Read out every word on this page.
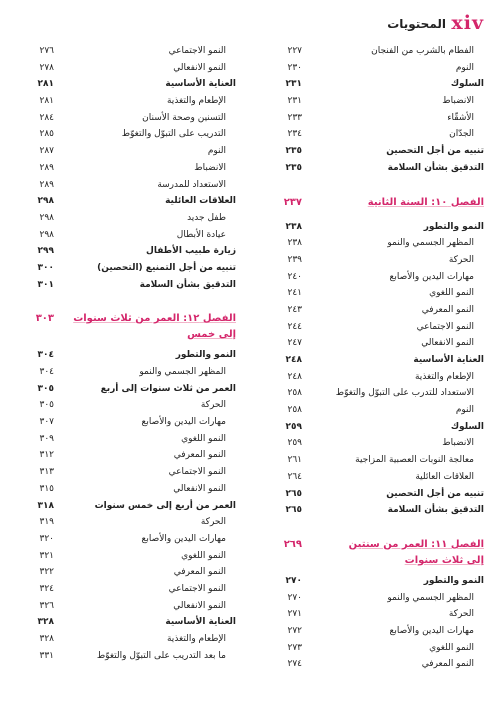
xiv
المحتويات
الفطام بالشرب من الفنجان
٢٢٧
النوم
٢٣٠
السلوك
٢٣١
الانضباط
٢٣١
الأشقّاء
٢٣٣
الجدّان
٢٣٤
تنبيه من أجل التحصين
٢٣٥
التدقيق بشأن السلامة
٢٣٥
الفصل ١٠: السنة الثانية
٢٣٧
النمو والتطور
٢٣٨
المظهر الجسمي والنمو
٢٣٨
الحركة
٢٣٩
مهارات اليدين والأصابع
٢٤٠
النمو اللغوي
٢٤١
النمو المعرفي
٢٤٣
النمو الاجتماعي
٢٤٤
النمو الانفعالي
٢٤٧
العناية الأساسية
٢٤٨
الإطعام والتغذية
٢٤٨
الاستعداد للتدرب على التبوّل والتغوّط
٢٥٨
النوم
٢٥٨
السلوك
٢٥٩
الانضباط
٢٥٩
معالجة النوبات العصبية المزاجية
٢٦١
العلاقات العائلية
٢٦٤
تنبيه من أجل التحصين
٢٦٥
التدقيق بشأن السلامة
٢٦٥
الفصل ١١: العمر من سنتين
إلى ثلاث سنوات
٢٦٩
النمو والتطور
٢٧٠
المظهر الجسمي والنمو
٢٧٠
الحركة
٢٧١
مهارات اليدين والأصابع
٢٧٢
النمو اللغوي
٢٧٣
النمو المعرفي
٢٧٤
النمو الاجتماعي
٢٧٦
النمو الانفعالي
٢٧٨
العناية الأساسية
٢٨١
الإطعام والتغذية
٢٨١
التسنين وصحة الأسنان
٢٨٤
التدريب على التبوّل والتغوّط
٢٨٥
النوم
٢٨٧
الانضباط
٢٨٩
الاستعداد للمدرسة
٢٨٩
العلاقات العائلية
٢٩٨
طفل جديد
٢٩٨
عيادة الأبطال
٢٩٨
زيارة طبيب الأطفال
٢٩٩
تنبيه من أجل التمنيع (التحصين)
٣٠٠
التدقيق بشأن السلامة
٣٠١
الفصل ١٢: العمر من ثلاث سنوات
إلى خمس
٣٠٣
النمو والتطور
٣٠٤
المظهر الجسمي والنمو
٣٠٤
العمر من ثلاث سنوات إلى أربع
٣٠٥
الحركة
٣٠٥
مهارات اليدين والأصابع
٣٠٧
النمو اللغوي
٣٠٩
النمو المعرفي
٣١٢
النمو الاجتماعي
٣١٣
النمو الانفعالي
٣١٥
العمر من أربع إلى خمس سنوات
٣١٨
الحركة
٣١٩
مهارات اليدين والأصابع
٣٢٠
النمو اللغوي
٣٢١
النمو المعرفي
٣٢٢
النمو الاجتماعي
٣٢٤
النمو الانفعالي
٣٢٦
العناية الأساسية
٣٢٨
الإطعام والتغذية
٣٢٨
ما بعد التدريب على التبوّل والتغوّط
٣٣١
